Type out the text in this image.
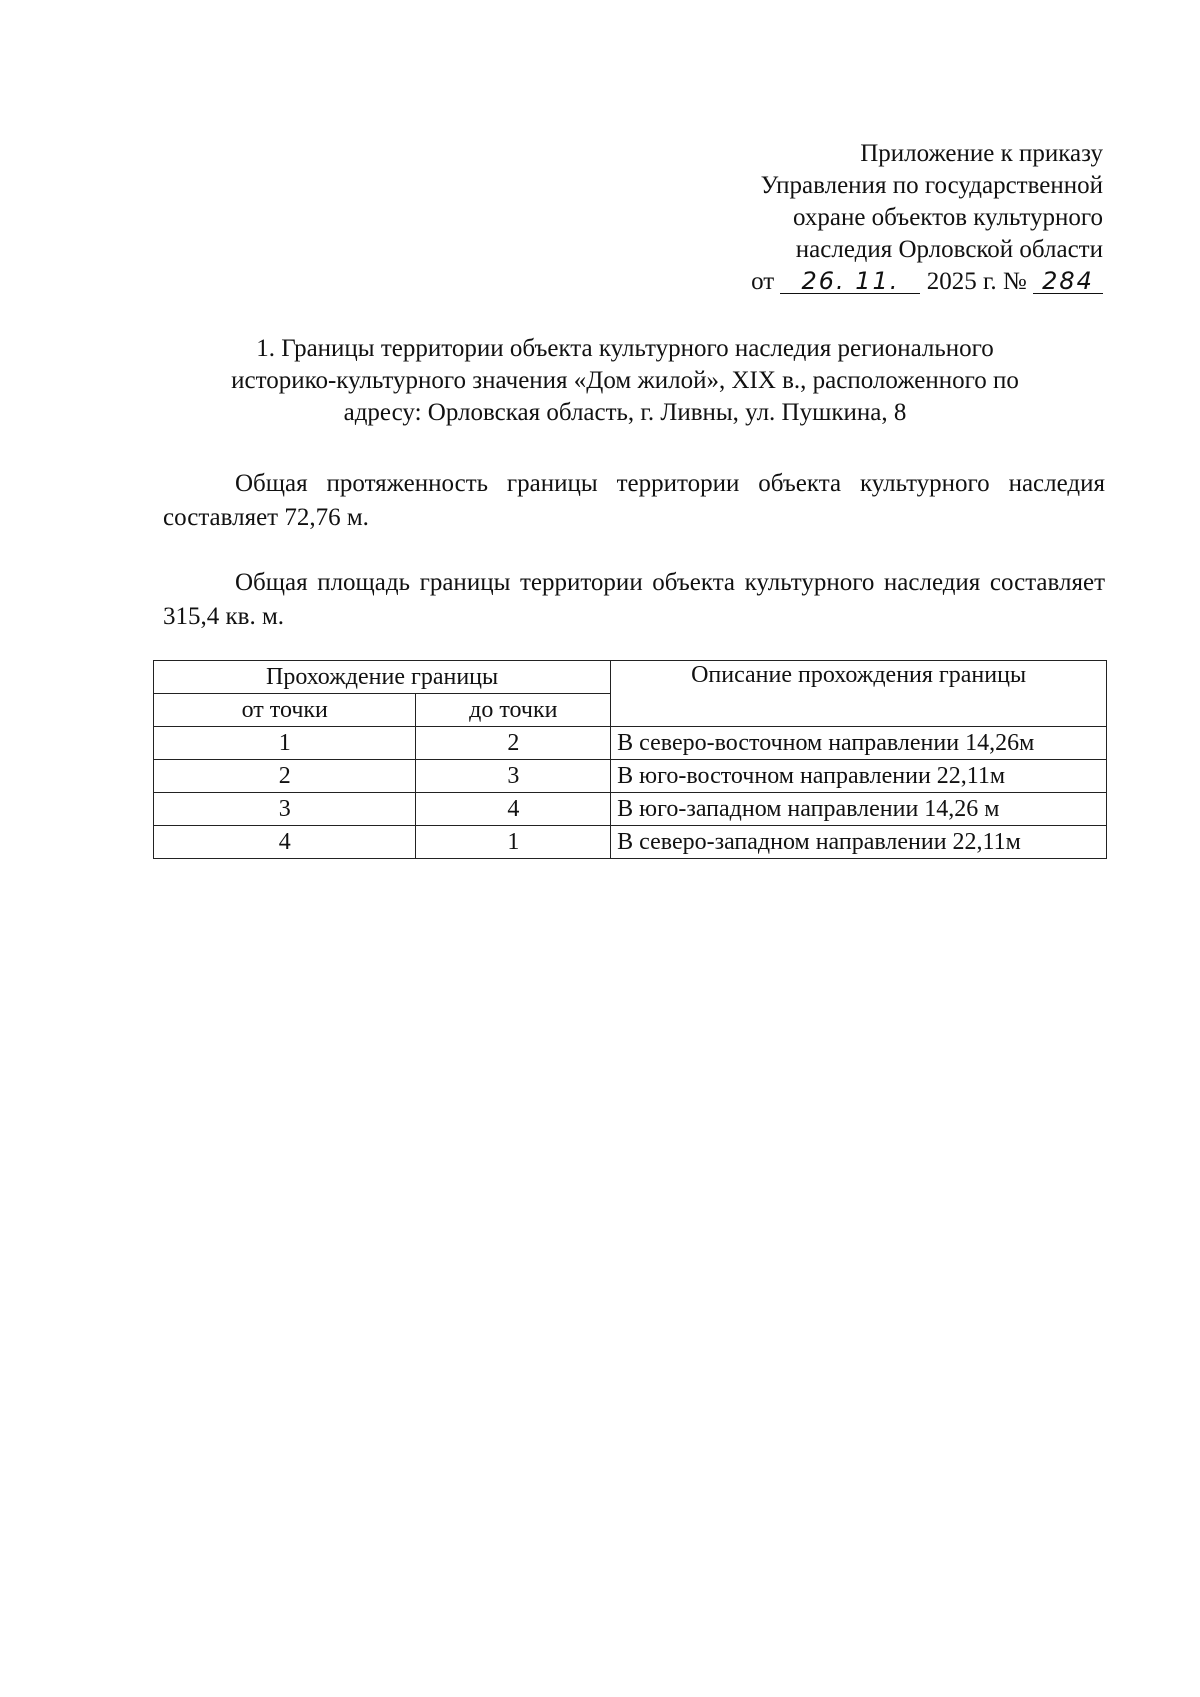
Приложение к приказу
Управления по государственной
охране объектов культурного
наследия Орловской области
от 26. 11. 2025 г. № 284
1. Границы территории объекта культурного наследия регионального
историко-культурного значения «Дом жилой», XIX в., расположенного по
адресу: Орловская область, г. Ливны, ул. Пушкина, 8
Общая протяженность границы территории объекта культурного наследия составляет 72,76 м.
Общая площадь границы территории объекта культурного наследия составляет 315,4 кв. м.
Прохождение границы		Описание прохождения границы
от точки	до точки	
1	2	В северо-восточном направлении 14,26м
2	3	В юго-восточном направлении 22,11м
3	4	В юго-западном направлении 14,26 м
4	1	В северо-западном направлении 22,11м
